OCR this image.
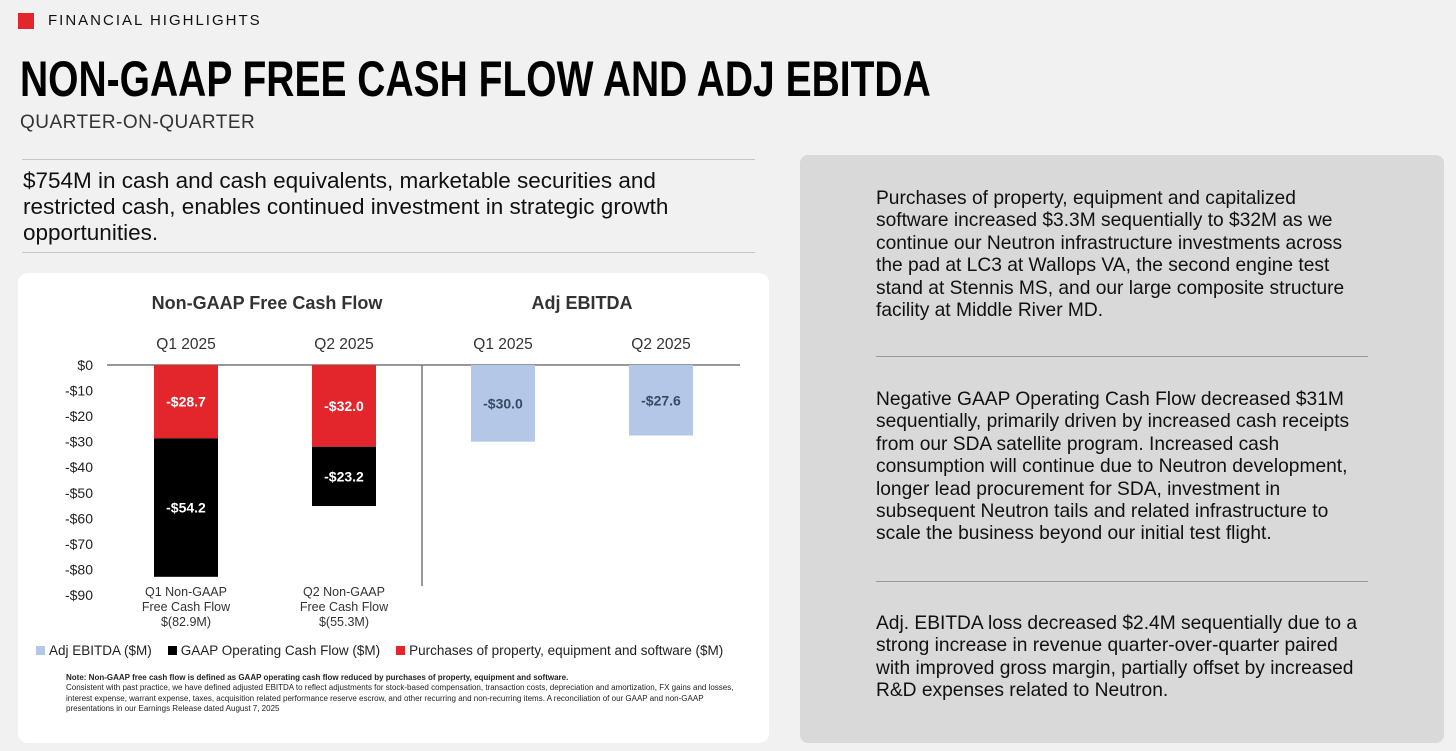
FINANCIAL HIGHLIGHTS
NON-GAAP FREE CASH FLOW AND ADJ EBITDA
QUARTER-ON-QUARTER
$754M in cash and cash equivalents, marketable securities and restricted cash, enables continued investment in strategic growth opportunities.
$0
-$10
-$20
-$30
-$40
-$50
-$60
-$70
-$80
-$90
Non-GAAP Free Cash Flow	Adj EBITDA
Q1 2025	Q2 2025	Q1 2025	Q2 2025
-$28.7	-$32.0
-$54.2
-$23.2
-$30.0	-$27.6
Q1 Non-GAAP
Free Cash Flow
$(82.9M)
Q2 Non-GAAP
Free Cash Flow
$(55.3M)
Adj EBITDA ($M) GAAP Operating Cash Flow ($M) Purchases of property, equipment and software ($M)
Note: Non-GAAP free cash flow is defined as GAAP operating cash flow reduced by purchases of property, equipment and software.
Consistent with past practice, we have defined adjusted EBITDA to reflect adjustments for stock-based compensation, transaction costs, depreciation and amortization, FX gains and losses, interest expense, warrant expense, taxes, acquisition related performance reserve escrow, and other recurring and non-recurring items. A reconciliation of our GAAP and non-GAAP presentations in our Earnings Release dated August 7, 2025
Purchases of property, equipment and capitalized software increased $3.3M sequentially to $32M as we continue our Neutron infrastructure investments across the pad at LC3 at Wallops VA, the second engine test stand at Stennis MS, and our large composite structure facility at Middle River MD.
Negative GAAP Operating Cash Flow decreased $31M sequentially, primarily driven by increased cash receipts from our SDA satellite program. Increased cash consumption will continue due to Neutron development, longer lead procurement for SDA, investment in subsequent Neutron tails and related infrastructure to scale the business beyond our initial test flight.
Adj. EBITDA loss decreased $2.4M sequentially due to a strong increase in revenue quarter-over-quarter paired with improved gross margin, partially offset by increased R&D expenses related to Neutron.
